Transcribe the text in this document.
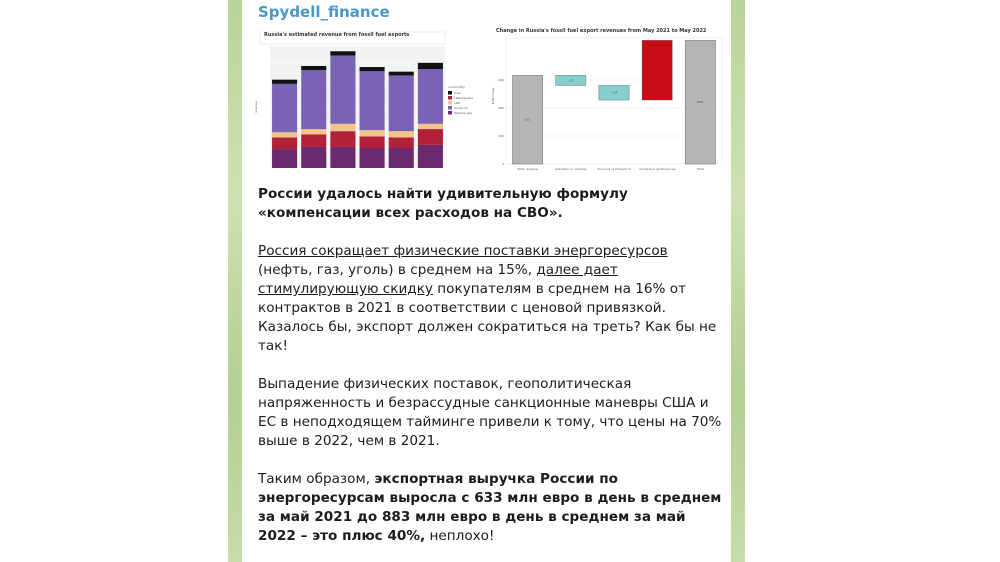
Spydell_finance
Russia's estimated revenue from fossil fuel exports
revenue
commodity
Coal
LNG/pipeline
LNG
Crude oil
Pipeline gas
Change in Russia's fossil fuel export revenues from May 2021 to May 2022
0
200
400
600
633
2021 revenue
-72
reduction in volumes
-104
discount vs forward m	increase in global prices
883
Total
EUR m/day

России удалось найти удивительную формулу «компенсации всех расходов на СВО».

Россия сокращает физические поставки энергоресурсов (нефть, газ, уголь) в среднем на 15%, далее дает стимулирующую скидку покупателям в среднем на 16% от контрактов в 2021 в соответствии с ценовой привязкой. Казалось бы, экспорт должен сократиться на треть? Как бы не так!

Выпадение физических поставок, геополитическая напряженность и безрассудные санкционные маневры США и ЕС в неподходящем тайминге привели к тому, что цены на 70% выше в 2022, чем в 2021.

Таким образом, экспортная выручка России по энергоресурсам выросла с 633 млн евро в день в среднем за май 2021 до 883 млн евро в день в среднем за май 2022 – это плюс 40%, неплохо!
